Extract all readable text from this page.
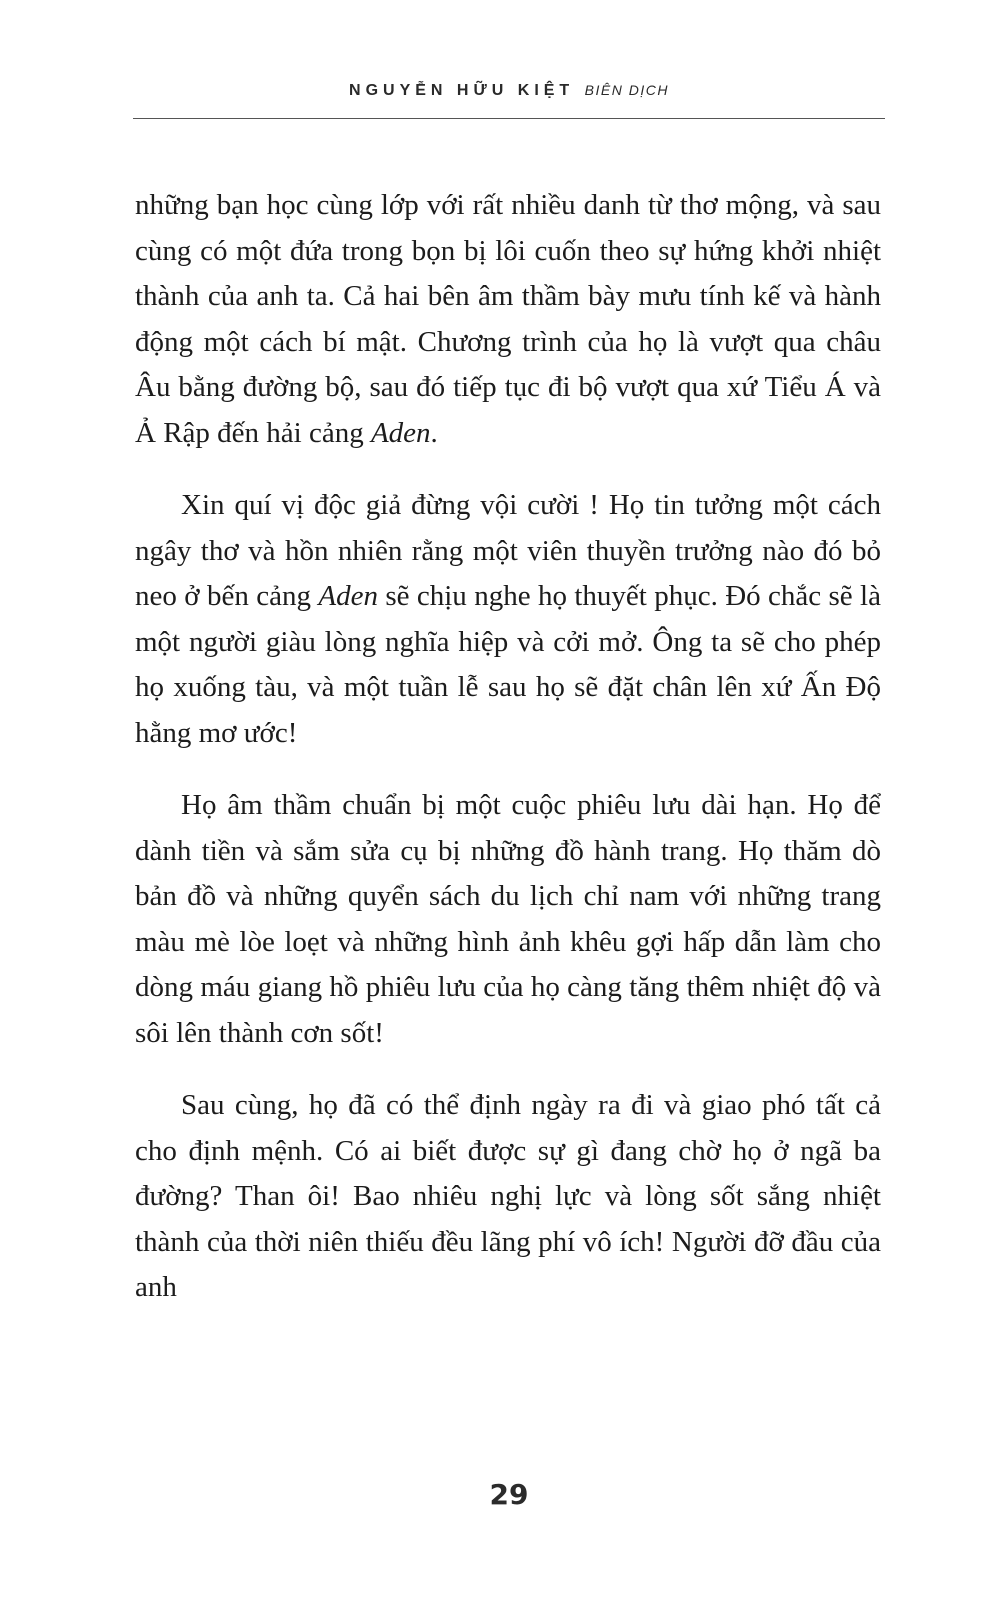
NGUYỄN HỮU KIỆT BIÊN DỊCH

những bạn học cùng lớp với rất nhiều danh từ thơ mộng, và sau cùng có một đứa trong bọn bị lôi cuốn theo sự hứng khởi nhiệt thành của anh ta. Cả hai bên âm thầm bày mưu tính kế và hành động một cách bí mật. Chương trình của họ là vượt qua châu Âu bằng đường bộ, sau đó tiếp tục đi bộ vượt qua xứ Tiểu Á và Ả Rập đến hải cảng Aden.

Xin quí vị độc giả đừng vội cười ! Họ tin tưởng một cách ngây thơ và hồn nhiên rằng một viên thuyền trưởng nào đó bỏ neo ở bến cảng Aden sẽ chịu nghe họ thuyết phục. Đó chắc sẽ là một người giàu lòng nghĩa hiệp và cởi mở. Ông ta sẽ cho phép họ xuống tàu, và một tuần lễ sau họ sẽ đặt chân lên xứ Ấn Độ hằng mơ ước!

Họ âm thầm chuẩn bị một cuộc phiêu lưu dài hạn. Họ để dành tiền và sắm sửa cụ bị những đồ hành trang. Họ thăm dò bản đồ và những quyển sách du lịch chỉ nam với những trang màu mè lòe loẹt và những hình ảnh khêu gợi hấp dẫn làm cho dòng máu giang hồ phiêu lưu của họ càng tăng thêm nhiệt độ và sôi lên thành cơn sốt!

Sau cùng, họ đã có thể định ngày ra đi và giao phó tất cả cho định mệnh. Có ai biết được sự gì đang chờ họ ở ngã ba đường? Than ôi! Bao nhiêu nghị lực và lòng sốt sắng nhiệt thành của thời niên thiếu đều lãng phí vô ích! Người đỡ đầu của anh

29
